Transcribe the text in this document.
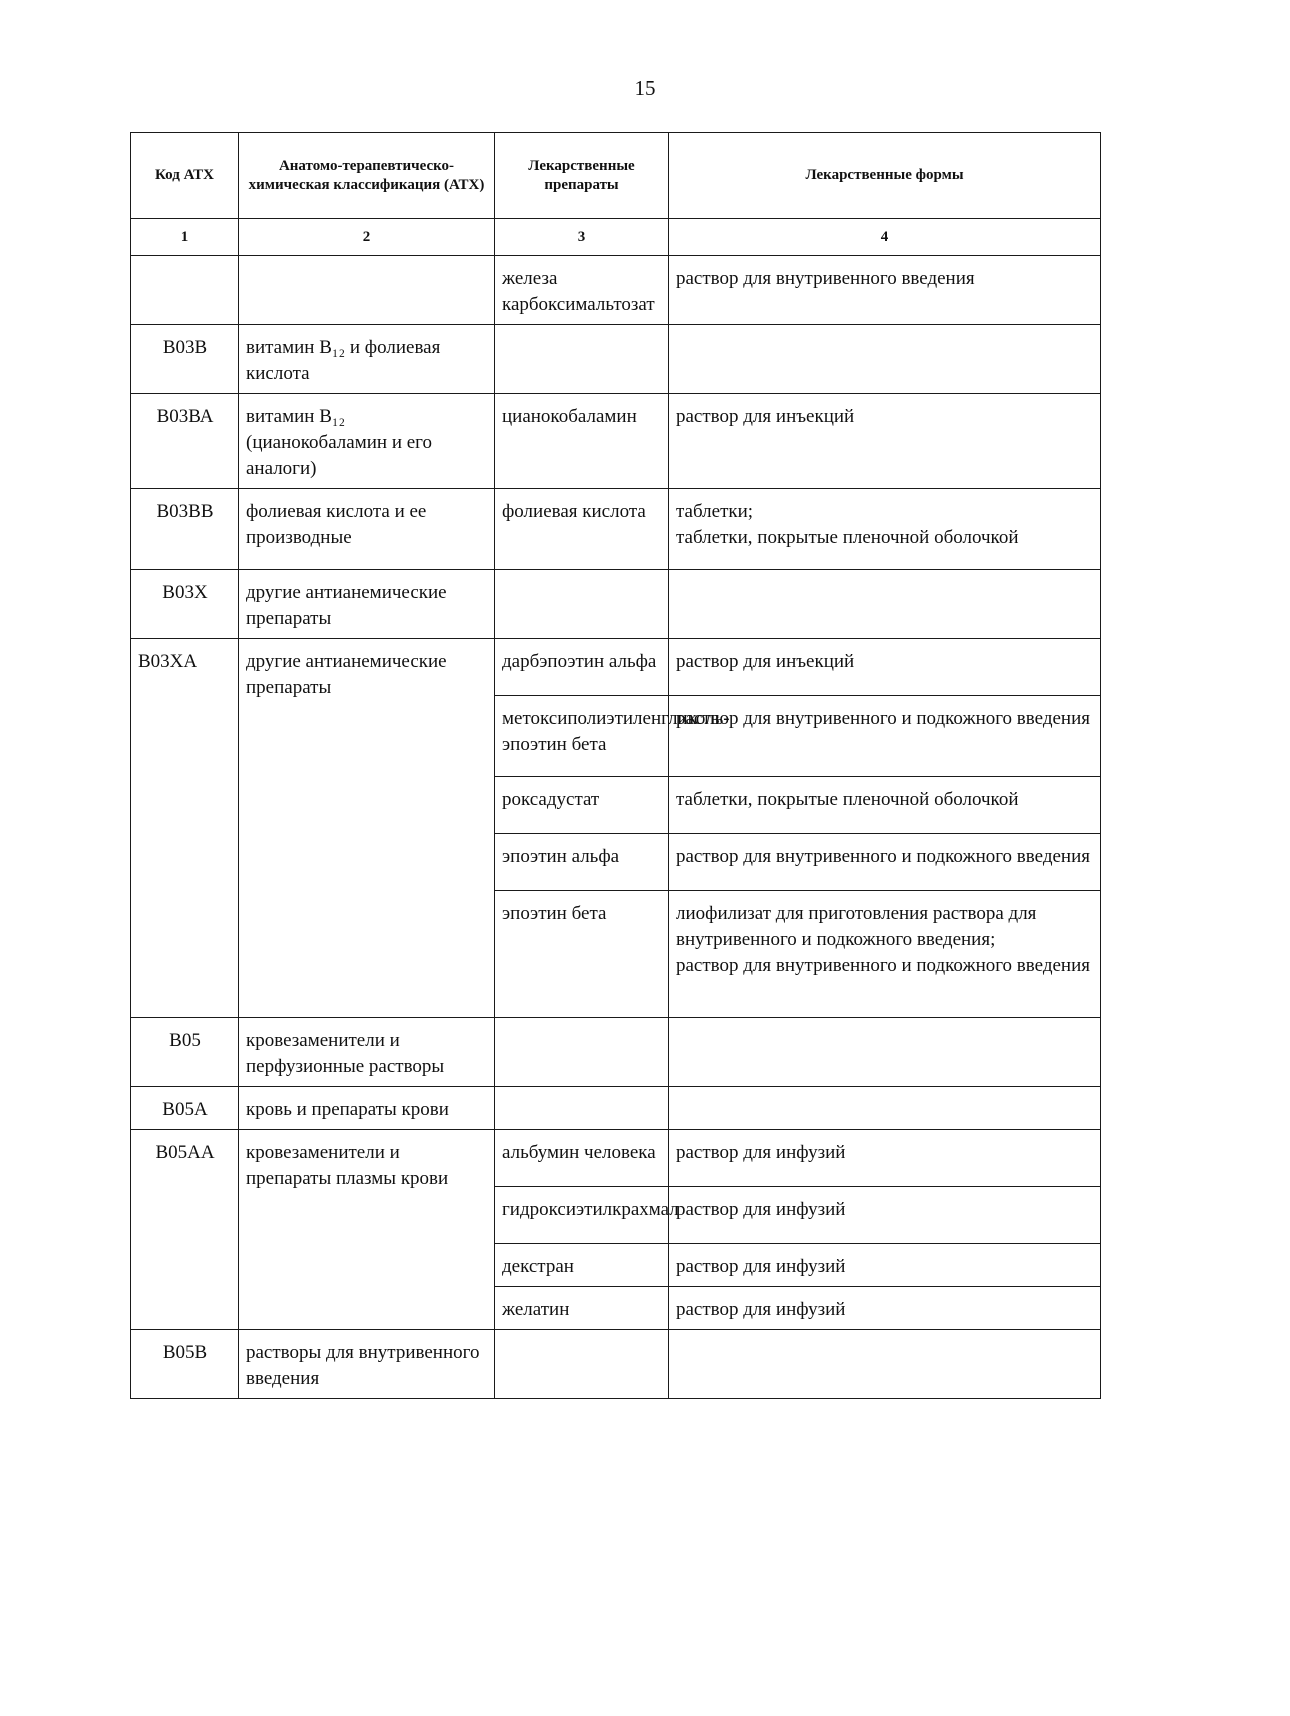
15
Код АТХ	Анатомо-терапевтическо-химическая классификация (АТХ)	Лекарственные препараты	Лекарственные формы
1	2	3	4
		железа карбоксимальтозат	раствор для внутривенного введения
В03В	витамин В₁₂ и фолиевая кислота		
В03ВА	витамин В₁₂ (цианокобаламин и его аналоги)	цианокобаламин	раствор для инъекций
В03ВВ	фолиевая кислота и ее производные	фолиевая кислота	таблетки;
таблетки, покрытые пленочной оболочкой
В03Х	другие антианемические препараты		
В03ХА	другие антианемические препараты	дарбэпоэтин альфа	раствор для инъекций
		метоксиполиэтиленгликоль-эпоэтин бета	раствор для внутривенного и подкожного введения
		роксадустат	таблетки, покрытые пленочной оболочкой
		эпоэтин альфа	раствор для внутривенного и подкожного введения
		эпоэтин бета	лиофилизат для приготовления раствора для внутривенного и подкожного введения;
раствор для внутривенного и подкожного введения
В05	кровезаменители и перфузионные растворы		
В05А	кровь и препараты крови		
В05АА	кровезаменители и препараты плазмы крови	альбумин человека	раствор для инфузий
		гидроксиэтилкрахмал	раствор для инфузий
		декстран	раствор для инфузий
		желатин	раствор для инфузий
В05В	растворы для внутривенного введения		
